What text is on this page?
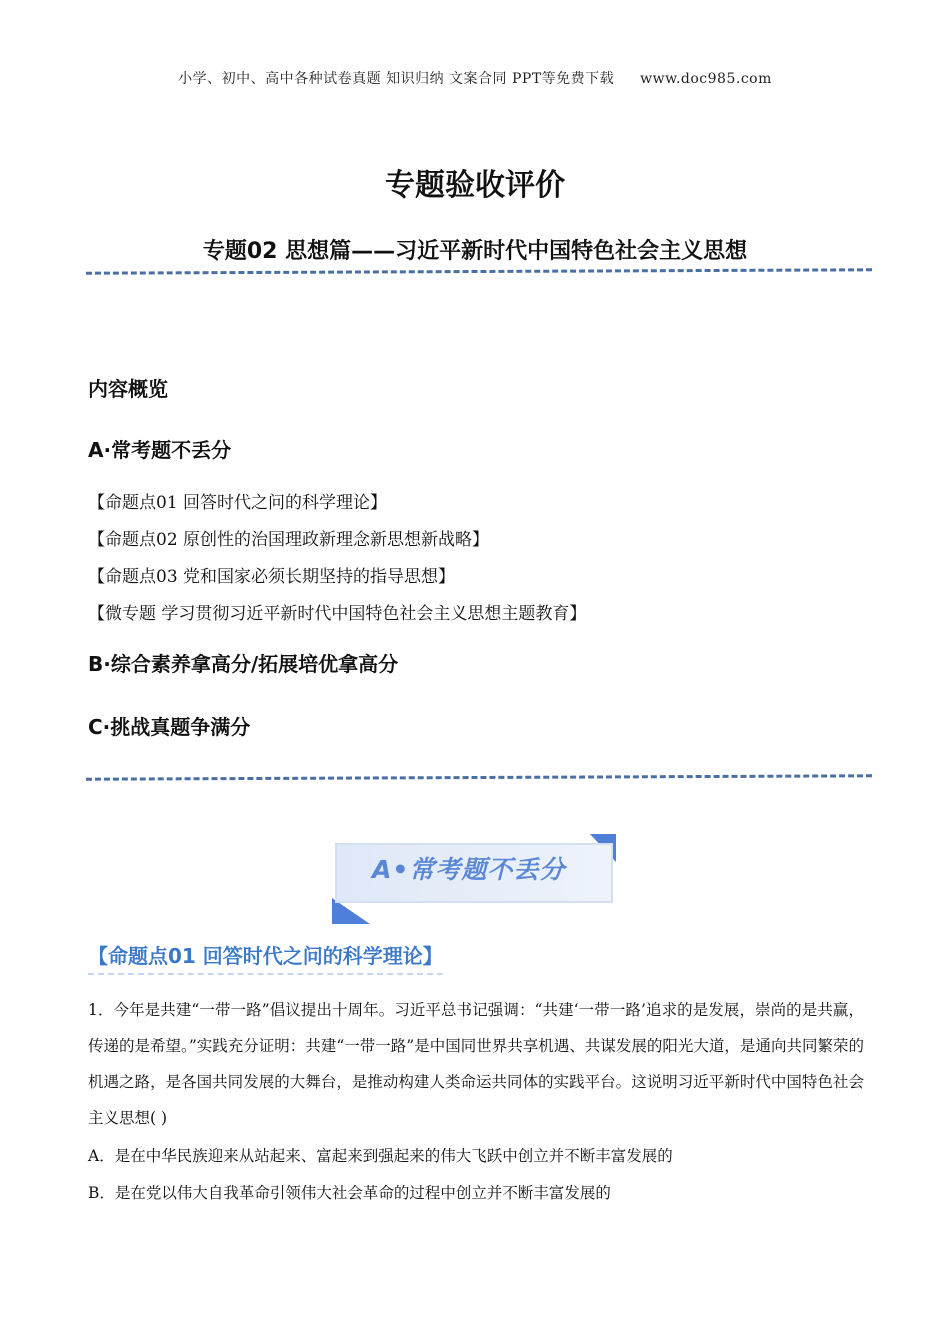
小学、初中、高中各种试卷真题 知识归纳 文案合同 PPT等免费下载 www.doc985.com
专题验收评价
专题02 思想篇——习近平新时代中国特色社会主义思想
内容概览
A·常考题不丢分
【命题点01 回答时代之问的科学理论】
【命题点02 原创性的治国理政新理念新思想新战略】
【命题点03 党和国家必须长期坚持的指导思想】
【微专题 学习贯彻习近平新时代中国特色社会主义思想主题教育】
B·综合素养拿高分/拓展培优拿高分
C·挑战真题争满分
A•常考题不丢分
【命题点01 回答时代之问的科学理论】
1．今年是共建“一带一路”倡议提出十周年。习近平总书记强调：“共建‘一带一路’追求的是发展，崇尚的是共赢，传递的是希望。”实践充分证明：共建“一带一路”是中国同世界共享机遇、共谋发展的阳光大道，是通向共同繁荣的机遇之路，是各国共同发展的大舞台，是推动构建人类命运共同体的实践平台。这说明习近平新时代中国特色社会主义思想( )
A．是在中华民族迎来从站起来、富起来到强起来的伟大飞跃中创立并不断丰富发展的
B．是在党以伟大自我革命引领伟大社会革命的过程中创立并不断丰富发展的
